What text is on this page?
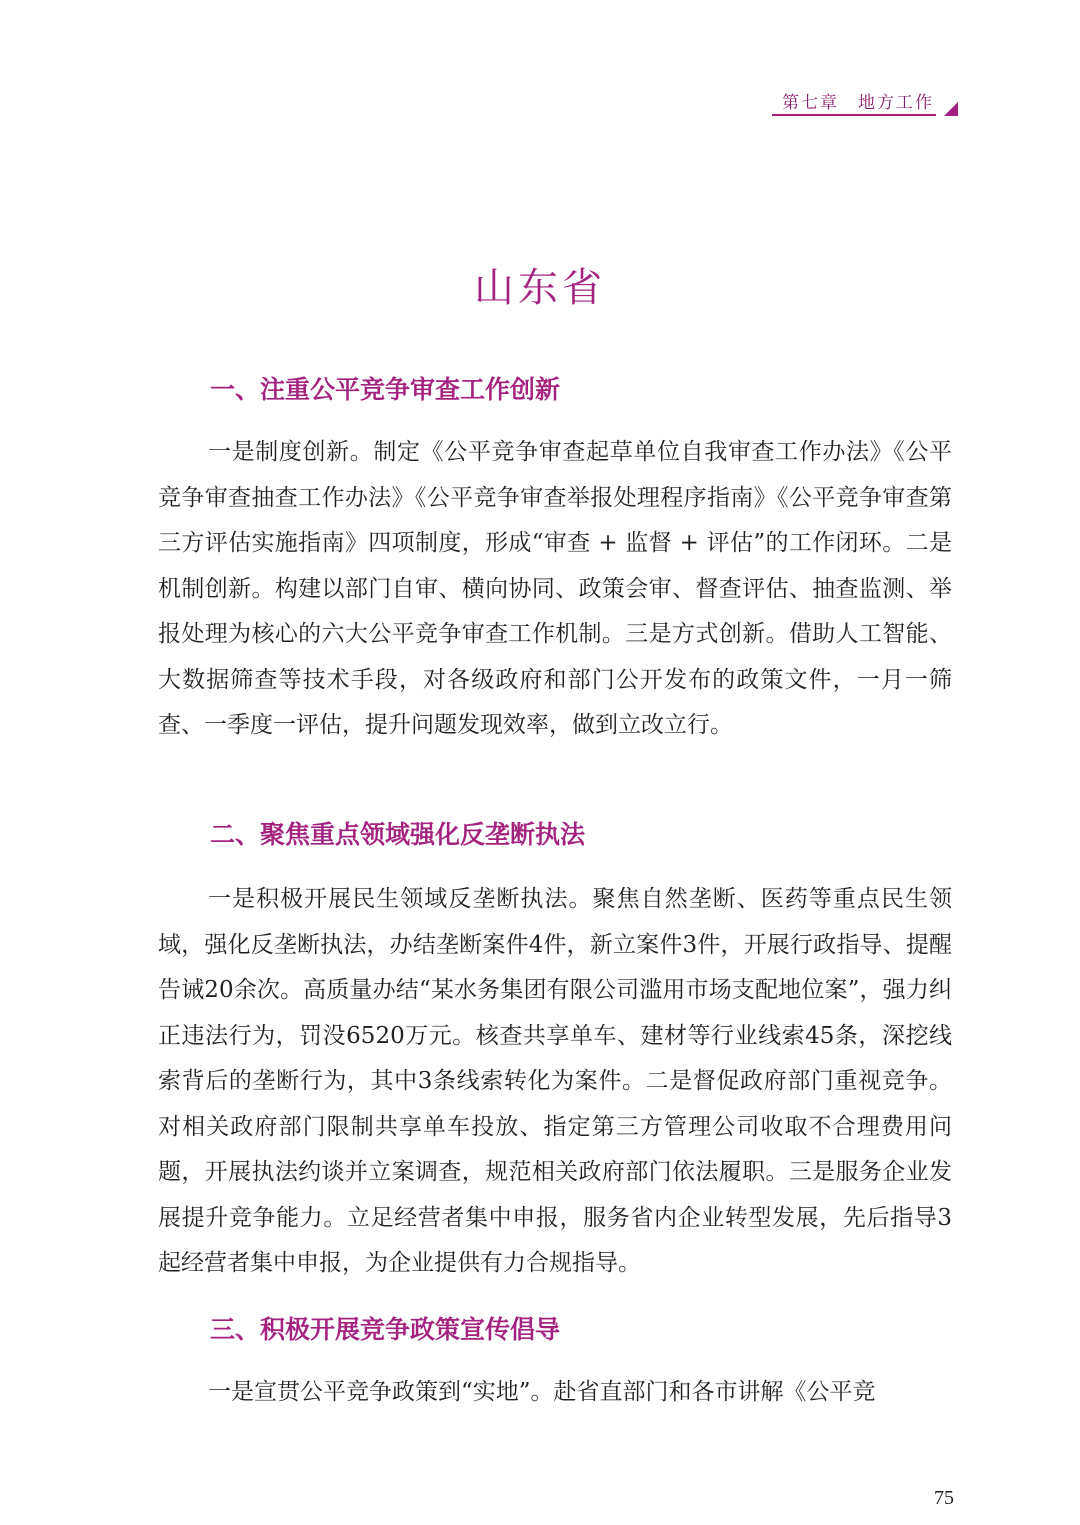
第七章　地方工作
山东省
一、注重公平竞争审查工作创新

一是制度创新。制定《公平竞争审查起草单位自我审查工作办法》《公平竞争审查抽查工作办法》《公平竞争审查举报处理程序指南》《公平竞争审查第三方评估实施指南》四项制度，形成“审查 + 监督 + 评估”的工作闭环。二是机制创新。构建以部门自审、横向协同、政策会审、督查评估、抽查监测、举报处理为核心的六大公平竞争审查工作机制。三是方式创新。借助人工智能、大数据筛查等技术手段，对各级政府和部门公开发布的政策文件，一月一筛查、一季度一评估，提升问题发现效率，做到立改立行。

二、聚焦重点领域强化反垄断执法

一是积极开展民生领域反垄断执法。聚焦自然垄断、医药等重点民生领域，强化反垄断执法，办结垄断案件4件，新立案件3件，开展行政指导、提醒告诫20余次。高质量办结“某水务集团有限公司滥用市场支配地位案”，强力纠正违法行为，罚没6520万元。核查共享单车、建材等行业线索45条，深挖线索背后的垄断行为，其中3条线索转化为案件。二是督促政府部门重视竞争。对相关政府部门限制共享单车投放、指定第三方管理公司收取不合理费用问题，开展执法约谈并立案调查，规范相关政府部门依法履职。三是服务企业发展提升竞争能力。立足经营者集中申报，服务省内企业转型发展，先后指导3起经营者集中申报，为企业提供有力合规指导。

三、积极开展竞争政策宣传倡导

一是宣贯公平竞争政策到“实地”。赴省直部门和各市讲解《公平竞

75
